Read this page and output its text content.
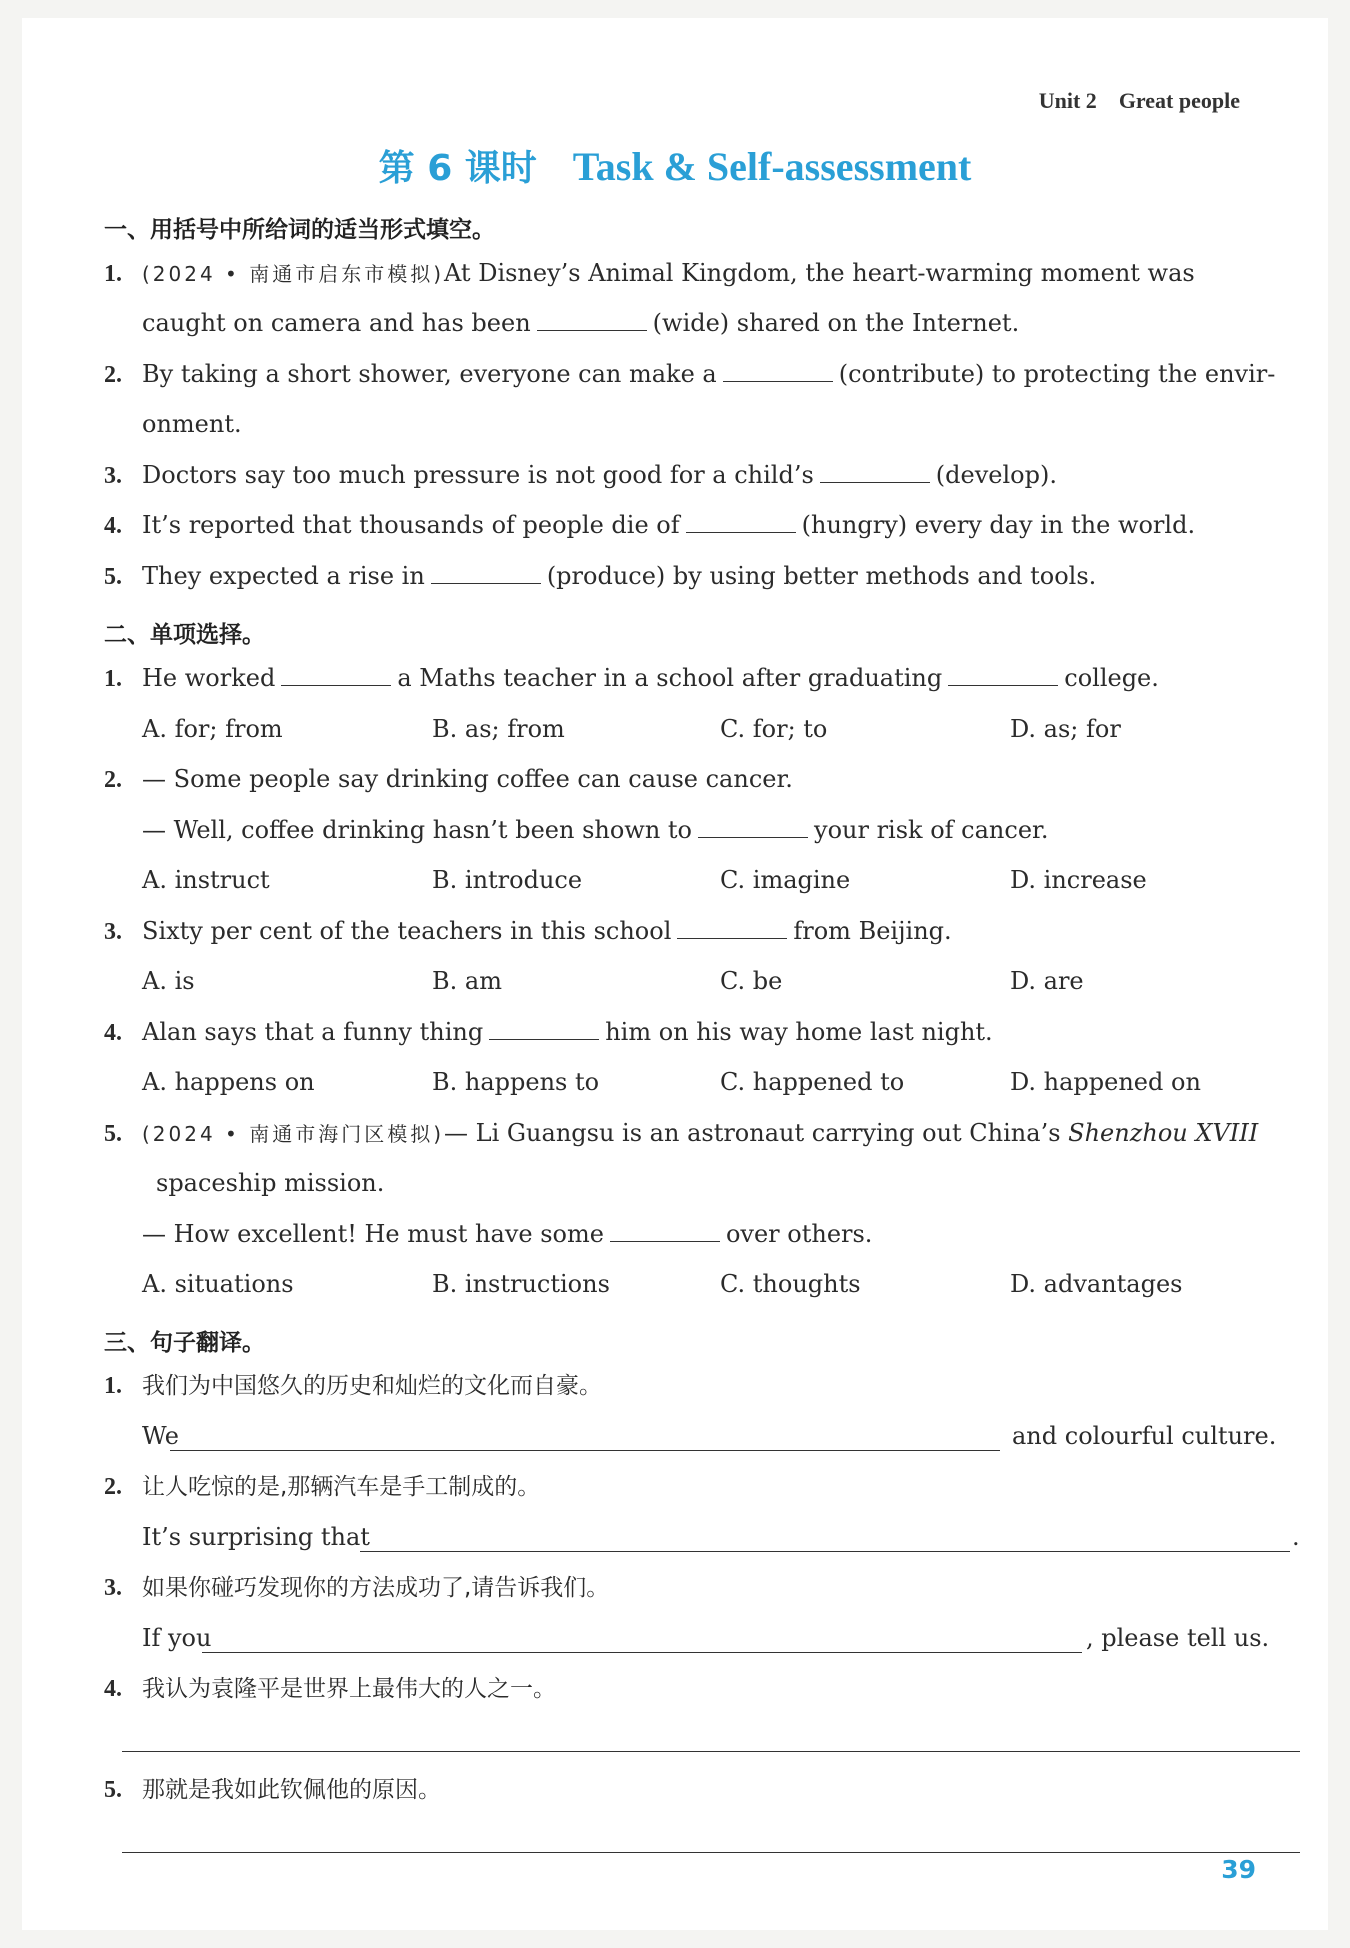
Unit 2 Great people
第 6 课时 Task & Self-assessment
一、用括号中所给词的适当形式填空。
1. (2024 • 南通市启东市模拟)At Disney’s Animal Kingdom, the heart-warming moment was
caught on camera and has been	(wide) shared on the Internet.
2. By taking a short shower, everyone can make a	(contribute) to protecting the envir-
onment.
3. Doctors say too much pressure is not good for a child’s	(develop).
4. It’s reported that thousands of people die of	(hungry) every day in the world.
5. They expected a rise in	(produce) by using better methods and tools.
二、单项选择。
1. He worked	a Maths teacher in a school after graduating	college.
A. for; from	B. as; from	C. for; to	D. as; for
2. — Some people say drinking coffee can cause cancer.
— Well, coffee drinking hasn’t been shown to	your risk of cancer.
A. instruct	B. introduce	C. imagine	D. increase
3. Sixty per cent of the teachers in this school	from Beijing.
A. is	B. am	C. be	D. are
4. Alan says that a funny thing	him on his way home last night.
A. happens on	B. happens to	C. happened to	D. happened on
5. (2024 • 南通市海门区模拟)— Li Guangsu is an astronaut carrying out China’s Shenzhou XVIII
spaceship mission.
— How excellent! He must have some	over others.
A. situations	B. instructions	C. thoughts	D. advantages
三、句子翻译。
1. 我们为中国悠久的历史和灿烂的文化而自豪。
We	and colourful culture.
2. 让人吃惊的是,那辆汽车是手工制成的。
It’s surprising that	.
3. 如果你碰巧发现你的方法成功了,请告诉我们。
If you	, please tell us.
4. 我认为袁隆平是世界上最伟大的人之一。
5. 那就是我如此钦佩他的原因。
39
